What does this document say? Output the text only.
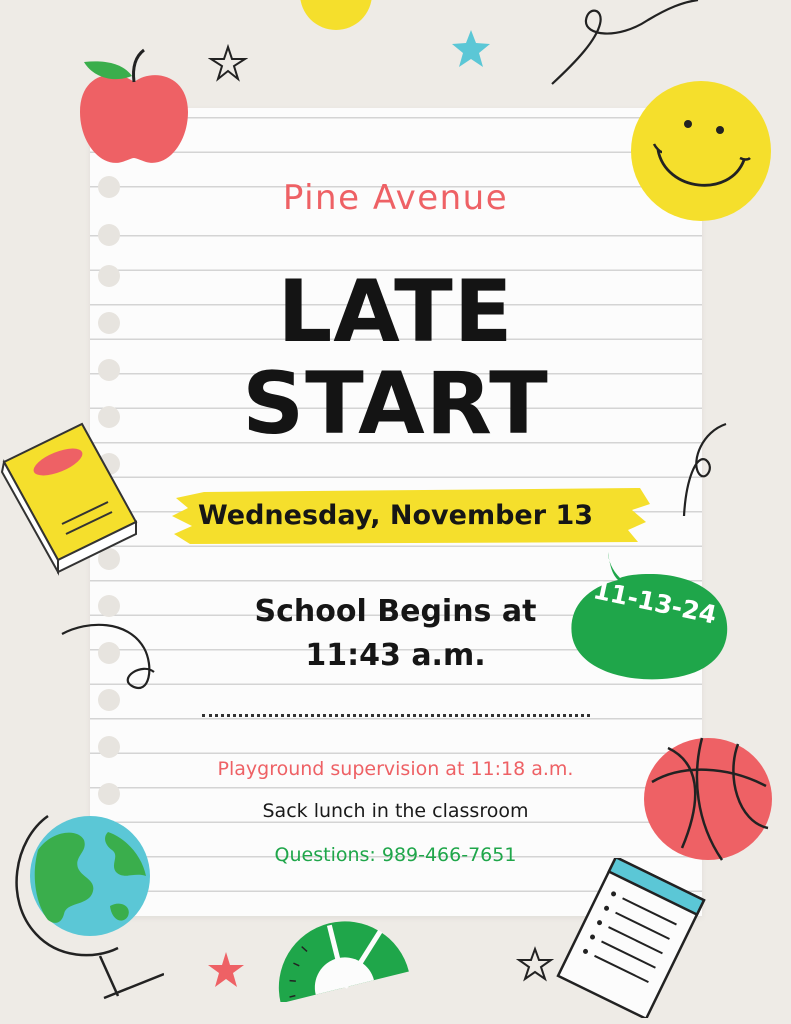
Pine Avenue
LATE
START
Wednesday, November 13
11-13-24
School Begins at
11:43 a.m.
Playground supervision at 11:18 a.m.
Sack lunch in the classroom
Questions: 989-466-7651
